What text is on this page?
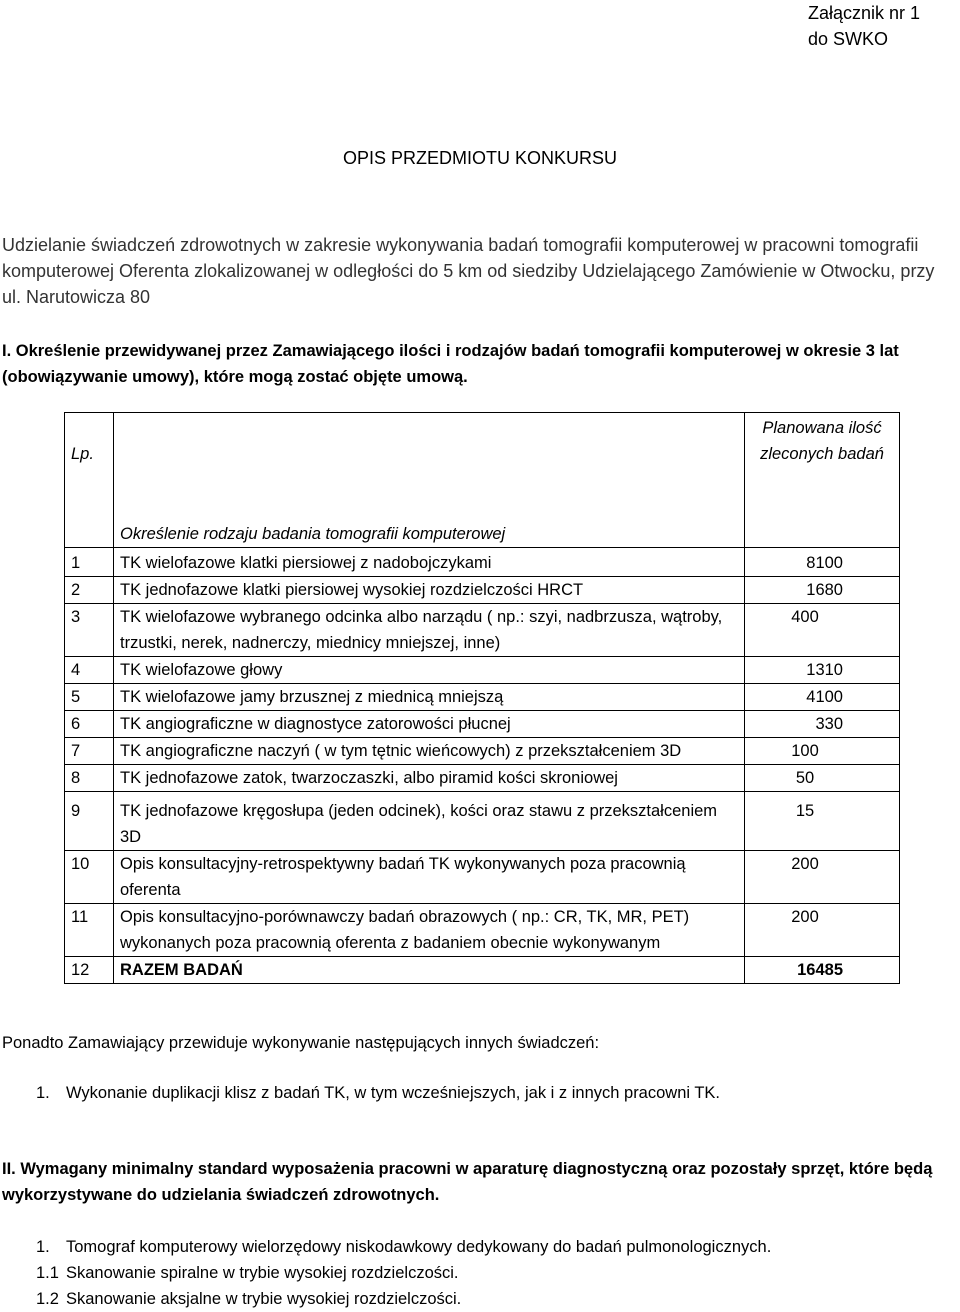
Załącznik nr 1
do SWKO
OPIS PRZEDMIOTU KONKURSU
Udzielanie świadczeń zdrowotnych w zakresie wykonywania badań tomografii komputerowej w pracowni tomografii komputerowej Oferenta zlokalizowanej w odległości do 5 km od siedziby Udzielającego Zamówienie w Otwocku, przy ul. Narutowicza 80
I. Określenie przewidywanej przez Zamawiającego ilości i rodzajów badań tomografii komputerowej w okresie 3 lat (obowiązywanie umowy), które mogą zostać objęte umową.
Lp.	Określenie rodzaju badania tomografii komputerowej	Planowana ilość zleconych badań
1	TK wielofazowe klatki piersiowej z nadobojczykami	8100
2	TK jednofazowe klatki piersiowej wysokiej rozdzielczości HRCT	1680
3	TK wielofazowe wybranego odcinka albo narządu ( np.: szyi, nadbrzusza, wątroby, trzustki, nerek, nadnerczy, miednicy mniejszej, inne)	400
4	TK wielofazowe głowy	1310
5	TK wielofazowe jamy brzusznej z miednicą mniejszą	4100
6	TK angiograficzne w diagnostyce zatorowości płucnej	330
7	TK angiograficzne naczyń ( w tym tętnic wieńcowych) z przekształceniem 3D	100
8	TK jednofazowe zatok, twarzoczaszki, albo piramid kości skroniowej	50
9	TK jednofazowe kręgosłupa (jeden odcinek), kości oraz stawu z przekształceniem 3D	15
10	Opis konsultacyjny-retrospektywny badań TK wykonywanych poza pracownią oferenta	200
11	Opis konsultacyjno-porównawczy badań obrazowych ( np.: CR, TK, MR, PET) wykonanych poza pracownią oferenta z badaniem obecnie wykonywanym	200
12	RAZEM BADAŃ	16485
Ponadto Zamawiający przewiduje wykonywanie następujących innych świadczeń:
1. Wykonanie duplikacji klisz z badań TK, w tym wcześniejszych, jak i z innych pracowni TK.
II. Wymagany minimalny standard wyposażenia pracowni w aparaturę diagnostyczną oraz pozostały sprzęt, które będą wykorzystywane do udzielania świadczeń zdrowotnych.
1. Tomograf komputerowy wielorzędowy niskodawkowy dedykowany do badań pulmonologicznych.
1.1 Skanowanie spiralne w trybie wysokiej rozdzielczości.
1.2 Skanowanie aksjalne w trybie wysokiej rozdzielczości.
